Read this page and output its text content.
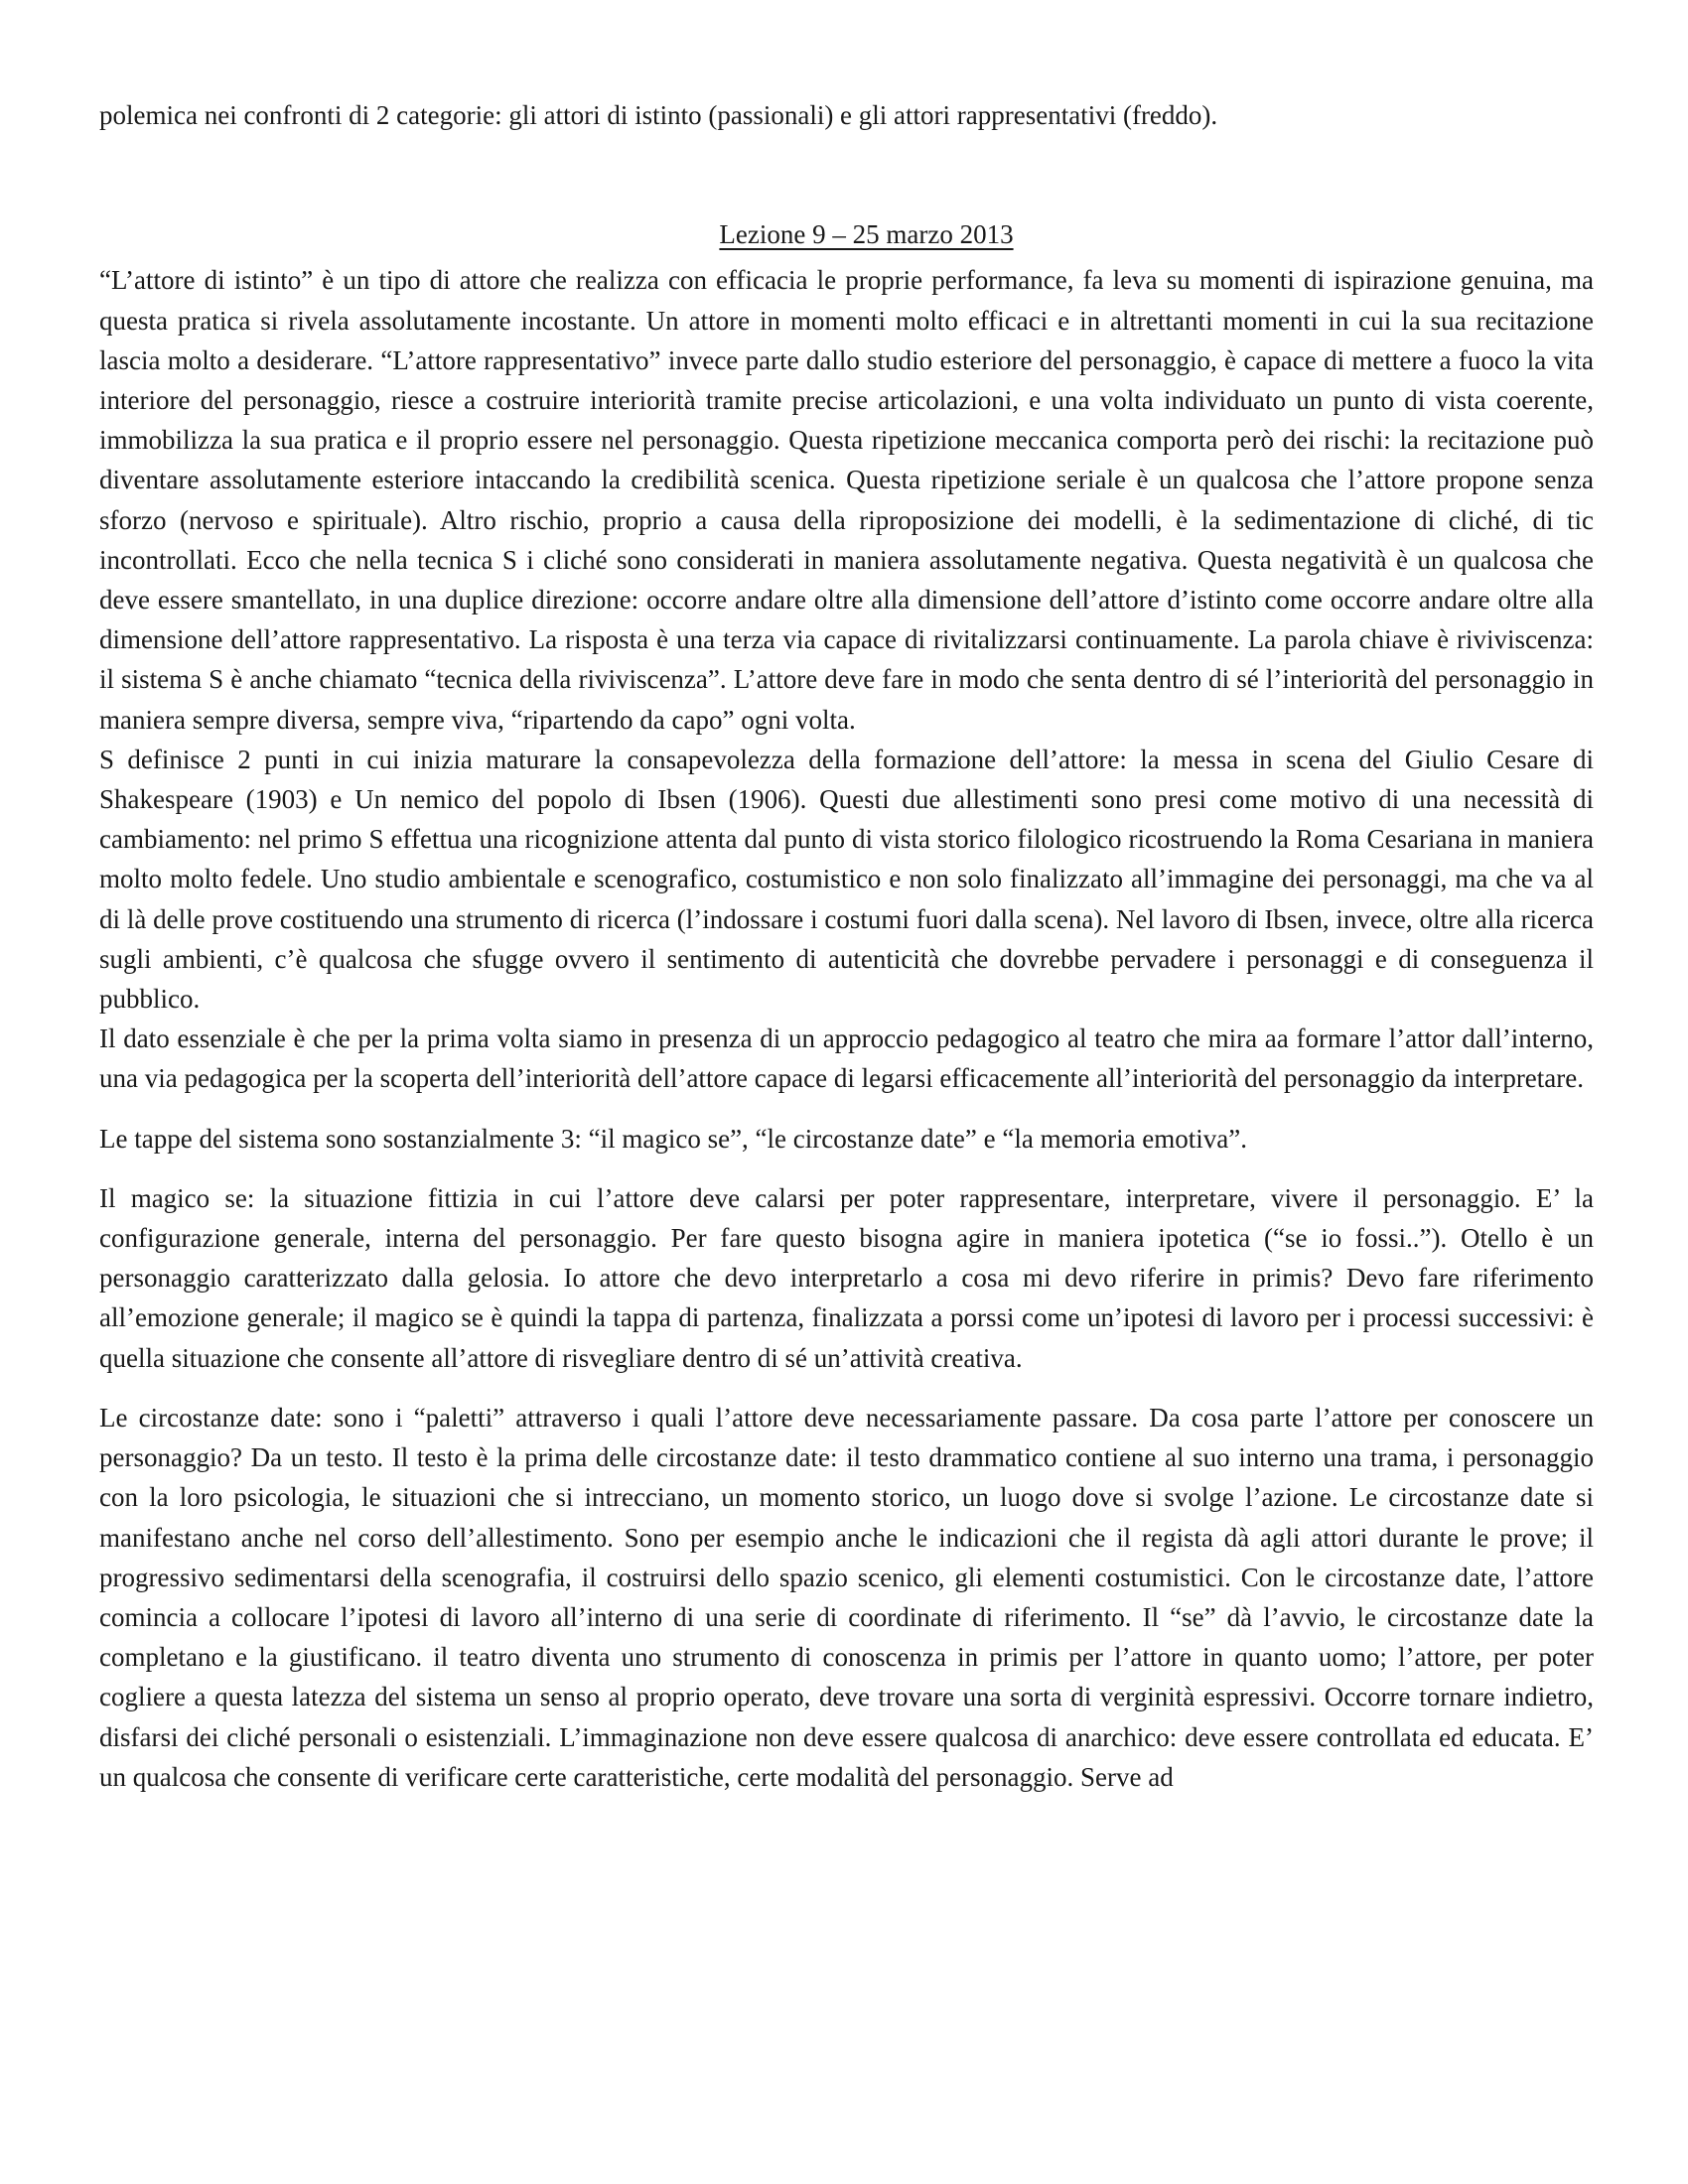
polemica nei confronti di 2 categorie: gli attori di istinto (passionali) e gli attori rappresentativi (freddo).

Lezione 9 – 25 marzo 2013

“L’attore di istinto” è un tipo di attore che realizza con efficacia le proprie performance, fa leva su momenti di ispirazione genuina, ma questa pratica si rivela assolutamente incostante. Un attore in momenti molto efficaci e in altrettanti momenti in cui la sua recitazione lascia molto a desiderare. “L’attore rappresentativo” invece parte dallo studio esteriore del personaggio, è capace di mettere a fuoco la vita interiore del personaggio, riesce a costruire interiorità tramite precise articolazioni, e una volta individuato un punto di vista coerente, immobilizza la sua pratica e il proprio essere nel personaggio. Questa ripetizione meccanica comporta però dei rischi: la recitazione può diventare assolutamente esteriore intaccando la credibilità scenica. Questa ripetizione seriale è un qualcosa che l’attore propone senza sforzo (nervoso e spirituale). Altro rischio, proprio a causa della riproposizione dei modelli, è la sedimentazione di cliché, di tic incontrollati. Ecco che nella tecnica S i cliché sono considerati in maniera assolutamente negativa. Questa negatività è un qualcosa che deve essere smantellato, in una duplice direzione: occorre andare oltre alla dimensione dell’attore d’istinto come occorre andare oltre alla dimensione dell’attore rappresentativo. La risposta è una terza via capace di rivitalizzarsi continuamente. La parola chiave è riviviscenza: il sistema S è anche chiamato “tecnica della riviviscenza”. L’attore deve fare in modo che senta dentro di sé l’interiorità del personaggio in maniera sempre diversa, sempre viva, “ripartendo da capo” ogni volta.

S definisce 2 punti in cui inizia maturare la consapevolezza della formazione dell’attore: la messa in scena del Giulio Cesare di Shakespeare (1903) e Un nemico del popolo di Ibsen (1906). Questi due allestimenti sono presi come motivo di una necessità di cambiamento: nel primo S effettua una ricognizione attenta dal punto di vista storico filologico ricostruendo la Roma Cesariana in maniera molto molto fedele. Uno studio ambientale e scenografico, costumistico e non solo finalizzato all’immagine dei personaggi, ma che va al di là delle prove costituendo una strumento di ricerca (l’indossare i costumi fuori dalla scena). Nel lavoro di Ibsen, invece, oltre alla ricerca sugli ambienti, c’è qualcosa che sfugge ovvero il sentimento di autenticità che dovrebbe pervadere i personaggi e di conseguenza il pubblico.

Il dato essenziale è che per la prima volta siamo in presenza di un approccio pedagogico al teatro che mira aa formare l’attor dall’interno, una via pedagogica per la scoperta dell’interiorità dell’attore capace di legarsi efficacemente all’interiorità del personaggio da interpretare.

Le tappe del sistema sono sostanzialmente 3: “il magico se”, “le circostanze date” e “la memoria emotiva”.

Il magico se: la situazione fittizia in cui l’attore deve calarsi per poter rappresentare, interpretare, vivere il personaggio. E’ la configurazione generale, interna del personaggio. Per fare questo bisogna agire in maniera ipotetica (“se io fossi..”). Otello è un personaggio caratterizzato dalla gelosia. Io attore che devo interpretarlo a cosa mi devo riferire in primis? Devo fare riferimento all’emozione generale; il magico se è quindi la tappa di partenza, finalizzata a porssi come un’ipotesi di lavoro per i processi successivi: è quella situazione che consente all’attore di risvegliare dentro di sé un’attività creativa.

Le circostanze date: sono i “paletti” attraverso i quali l’attore deve necessariamente passare. Da cosa parte l’attore per conoscere un personaggio? Da un testo. Il testo è la prima delle circostanze date: il testo drammatico contiene al suo interno una trama, i personaggio con la loro psicologia, le situazioni che si intrecciano, un momento storico, un luogo dove si svolge l’azione. Le circostanze date si manifestano anche nel corso dell’allestimento. Sono per esempio anche le indicazioni che il regista dà agli attori durante le prove; il progressivo sedimentarsi della scenografia, il costruirsi dello spazio scenico, gli elementi costumistici. Con le circostanze date, l’attore comincia a collocare l’ipotesi di lavoro all’interno di una serie di coordinate di riferimento. Il “se” dà l’avvio, le circostanze date la completano e la giustificano. il teatro diventa uno strumento di conoscenza in primis per l’attore in quanto uomo; l’attore, per poter cogliere a questa latezza del sistema un senso al proprio operato, deve trovare una sorta di verginità espressivi. Occorre tornare indietro, disfarsi dei cliché personali o esistenziali. L’immaginazione non deve essere qualcosa di anarchico: deve essere controllata ed educata. E’ un qualcosa che consente di verificare certe caratteristiche, certe modalità del personaggio. Serve ad
